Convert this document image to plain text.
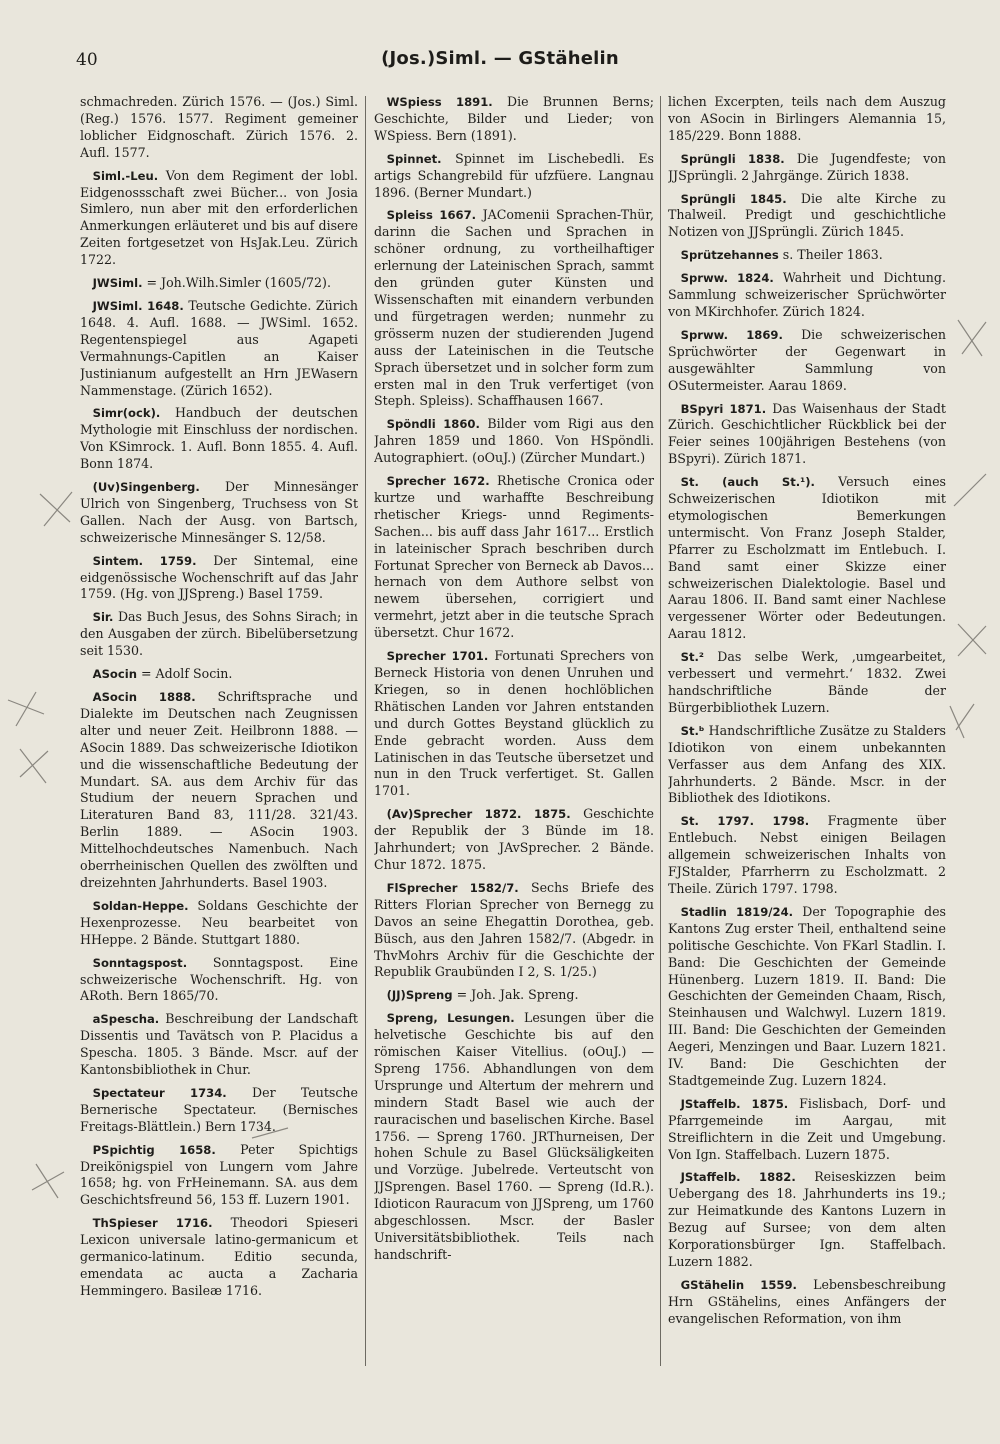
40	(Jos.)Siml. — GStähelin

schmachreden. Zürich 1576. — (Jos.) Siml. (Reg.) 1576. 1577. Regiment gemeiner loblicher Eidgnoschaft. Zürich 1576. 2. Aufl. 1577.

Siml.-Leu. Von dem Regiment der lobl. Eidgenossschaft zwei Bücher... von Josia Simlero, nun aber mit den erforderlichen Anmerkungen erläuteret und bis auf disere Zeiten fortgesetzet von HsJak.Leu. Zürich 1722.

JWSiml. = Joh.Wilh.Simler (1605/72).

JWSiml. 1648. Teutsche Gedichte. Zürich 1648. 4. Aufl. 1688. — JWSiml. 1652. Regentenspiegel aus Agapeti Vermahnungs-Capitlen an Kaiser Justinianum aufgestellt an Hrn JEWasern Nammenstage. (Zürich 1652).

Simr(ock). Handbuch der deutschen Mythologie mit Einschluss der nordischen. Von KSimrock. 1. Aufl. Bonn 1855. 4. Aufl. Bonn 1874.

(Uv)Singenberg. Der Minnesänger Ulrich von Singenberg, Truchsess von St Gallen. Nach der Ausg. von Bartsch, schweizerische Minnesänger S. 12/58.

Sintem. 1759. Der Sintemal, eine eidgenössische Wochenschrift auf das Jahr 1759. (Hg. von JJSpreng.) Basel 1759.

Sir. Das Buch Jesus, des Sohns Sirach; in den Ausgaben der zürch. Bibelübersetzung seit 1530.

ASocin = Adolf Socin.

ASocin 1888. Schriftsprache und Dialekte im Deutschen nach Zeugnissen alter und neuer Zeit. Heilbronn 1888. — ASocin 1889. Das schweizerische Idiotikon und die wissenschaftliche Bedeutung der Mundart. SA. aus dem Archiv für das Studium der neuern Sprachen und Literaturen Band 83, 111/28. 321/43. Berlin 1889. — ASocin 1903. Mittelhochdeutsches Namenbuch. Nach oberrheinischen Quellen des zwölften und dreizehnten Jahrhunderts. Basel 1903.

Soldan-Heppe. Soldans Geschichte der Hexenprozesse. Neu bearbeitet von HHeppe. 2 Bände. Stuttgart 1880.

Sonntagspost. Sonntagspost. Eine schweizerische Wochenschrift. Hg. von ARoth. Bern 1865/70.

aSpescha. Beschreibung der Landschaft Dissentis und Tavätsch von P. Placidus a Spescha. 1805. 3 Bände. Mscr. auf der Kantonsbibliothek in Chur.

Spectateur 1734. Der Teutsche Bernerische Spectateur. (Bernisches Freitags-Blättlein.) Bern 1734.

PSpichtig 1658. Peter Spichtigs Dreikönigspiel von Lungern vom Jahre 1658; hg. von FrHeinemann. SA. aus dem Geschichtsfreund 56, 153 ff. Luzern 1901.

ThSpieser 1716. Theodori Spieseri Lexicon universale latino-germanicum et germanico-latinum. Editio secunda, emendata ac aucta a Zacharia Hemmingero. Basileæ 1716.

WSpiess 1891. Die Brunnen Berns; Geschichte, Bilder und Lieder; von WSpiess. Bern (1891).

Spinnet. Spinnet im Lischebedli. Es artigs Schangrebild für ufzfüere. Langnau 1896. (Berner Mundart.)

Spleiss 1667. JAComenii Sprachen-Thür, darinn die Sachen und Sprachen in schöner ordnung, zu vortheilhaftiger erlernung der Lateinischen Sprach, sammt den gründen guter Künsten und Wissenschaften mit einandern verbunden und fürgetragen werden; nunmehr zu grösserm nuzen der studierenden Jugend auss der Lateinischen in die Teutsche Sprach übersetzet und in solcher form zum ersten mal in den Truk verfertiget (von Steph. Spleiss). Schaffhausen 1667.

Spöndli 1860. Bilder vom Rigi aus den Jahren 1859 und 1860. Von HSpöndli. Autographiert. (oOuJ.) (Zürcher Mundart.)

Sprecher 1672. Rhetische Cronica oder kurtze und warhaffte Beschreibung rhetischer Kriegs- unnd Regiments-Sachen... bis auff dass Jahr 1617... Erstlich in lateinischer Sprach beschriben durch Fortunat Sprecher von Berneck ab Davos... hernach von dem Authore selbst von newem übersehen, corrigiert und vermehrt, jetzt aber in die teutsche Sprach übersetzt. Chur 1672.

Sprecher 1701. Fortunati Sprechers von Berneck Historia von denen Unruhen und Kriegen, so in denen hochlöblichen Rhätischen Landen vor Jahren entstanden und durch Gottes Beystand glücklich zu Ende gebracht worden. Auss dem Latinischen in das Teutsche übersetzet und nun in den Truck verfertiget. St. Gallen 1701.

(Av)Sprecher 1872. 1875. Geschichte der Republik der 3 Bünde im 18. Jahrhundert; von JAvSprecher. 2 Bände. Chur 1872. 1875.

FlSprecher 1582/7. Sechs Briefe des Ritters Florian Sprecher von Bernegg zu Davos an seine Ehegattin Dorothea, geb. Büsch, aus den Jahren 1582/7. (Abgedr. in ThvMohrs Archiv für die Geschichte der Republik Graubünden I 2, S. 1/25.)

(JJ)Spreng = Joh. Jak. Spreng.

Spreng, Lesungen. Lesungen über die helvetische Geschichte bis auf den römischen Kaiser Vitellius. (oOuJ.) — Spreng 1756. Abhandlungen von dem Ursprunge und Altertum der mehrern und mindern Stadt Basel wie auch der rauracischen und baselischen Kirche. Basel 1756. — Spreng 1760. JRThurneisen, Der hohen Schule zu Basel Glücksäligkeiten und Vorzüge. Jubelrede. Verteutscht von JJSprengen. Basel 1760. — Spreng (Id.R.). Idioticon Rauracum von JJSpreng, um 1760 abgeschlossen. Mscr. der Basler Universitätsbibliothek. Teils nach handschrift-

lichen Excerpten, teils nach dem Auszug von ASocin in Birlingers Alemannia 15, 185/229. Bonn 1888.

Sprüngli 1838. Die Jugendfeste; von JJSprüngli. 2 Jahrgänge. Zürich 1838.

Sprüngli 1845. Die alte Kirche zu Thalweil. Predigt und geschichtliche Notizen von JJSprüngli. Zürich 1845.

Sprützehannes s. Theiler 1863.

Sprww. 1824. Wahrheit und Dichtung. Sammlung schweizerischer Sprüchwörter von MKirchhofer. Zürich 1824.

Sprww. 1869. Die schweizerischen Sprüchwörter der Gegenwart in ausgewählter Sammlung von OSutermeister. Aarau 1869.

BSpyri 1871. Das Waisenhaus der Stadt Zürich. Geschichtlicher Rückblick bei der Feier seines 100jährigen Bestehens (von BSpyri). Zürich 1871.

St. (auch St.¹). Versuch eines Schweizerischen Idiotikon mit etymologischen Bemerkungen untermischt. Von Franz Joseph Stalder, Pfarrer zu Escholzmatt im Entlebuch. I. Band samt einer Skizze einer schweizerischen Dialektologie. Basel und Aarau 1806. II. Band samt einer Nachlese vergessener Wörter oder Bedeutungen. Aarau 1812.

St.² Das selbe Werk, ‚umgearbeitet, verbessert und vermehrt.‘ 1832. Zwei handschriftliche Bände der Bürgerbibliothek Luzern.

St.ᵇ Handschriftliche Zusätze zu Stalders Idiotikon von einem unbekannten Verfasser aus dem Anfang des XIX. Jahrhunderts. 2 Bände. Mscr. in der Bibliothek des Idiotikons.

St. 1797. 1798. Fragmente über Entlebuch. Nebst einigen Beilagen allgemein schweizerischen Inhalts von FJStalder, Pfarrherrn zu Escholzmatt. 2 Theile. Zürich 1797. 1798.

Stadlin 1819/24. Der Topographie des Kantons Zug erster Theil, enthaltend seine politische Geschichte. Von FKarl Stadlin. I. Band: Die Geschichten der Gemeinde Hünenberg. Luzern 1819. II. Band: Die Geschichten der Gemeinden Chaam, Risch, Steinhausen und Walchwyl. Luzern 1819. III. Band: Die Geschichten der Gemeinden Aegeri, Menzingen und Baar. Luzern 1821. IV. Band: Die Geschichten der Stadtgemeinde Zug. Luzern 1824.

JStaffelb. 1875. Fislisbach, Dorf- und Pfarrgemeinde im Aargau, mit Streiflichtern in die Zeit und Umgebung. Von Ign. Staffelbach. Luzern 1875.

JStaffelb. 1882. Reiseskizzen beim Uebergang des 18. Jahrhunderts ins 19.; zur Heimatkunde des Kantons Luzern in Bezug auf Sursee; von dem alten Korporationsbürger Ign. Staffelbach. Luzern 1882.

GStähelin 1559. Lebensbeschreibung Hrn GStähelins, eines Anfängers der evangelischen Reformation, von ihm
